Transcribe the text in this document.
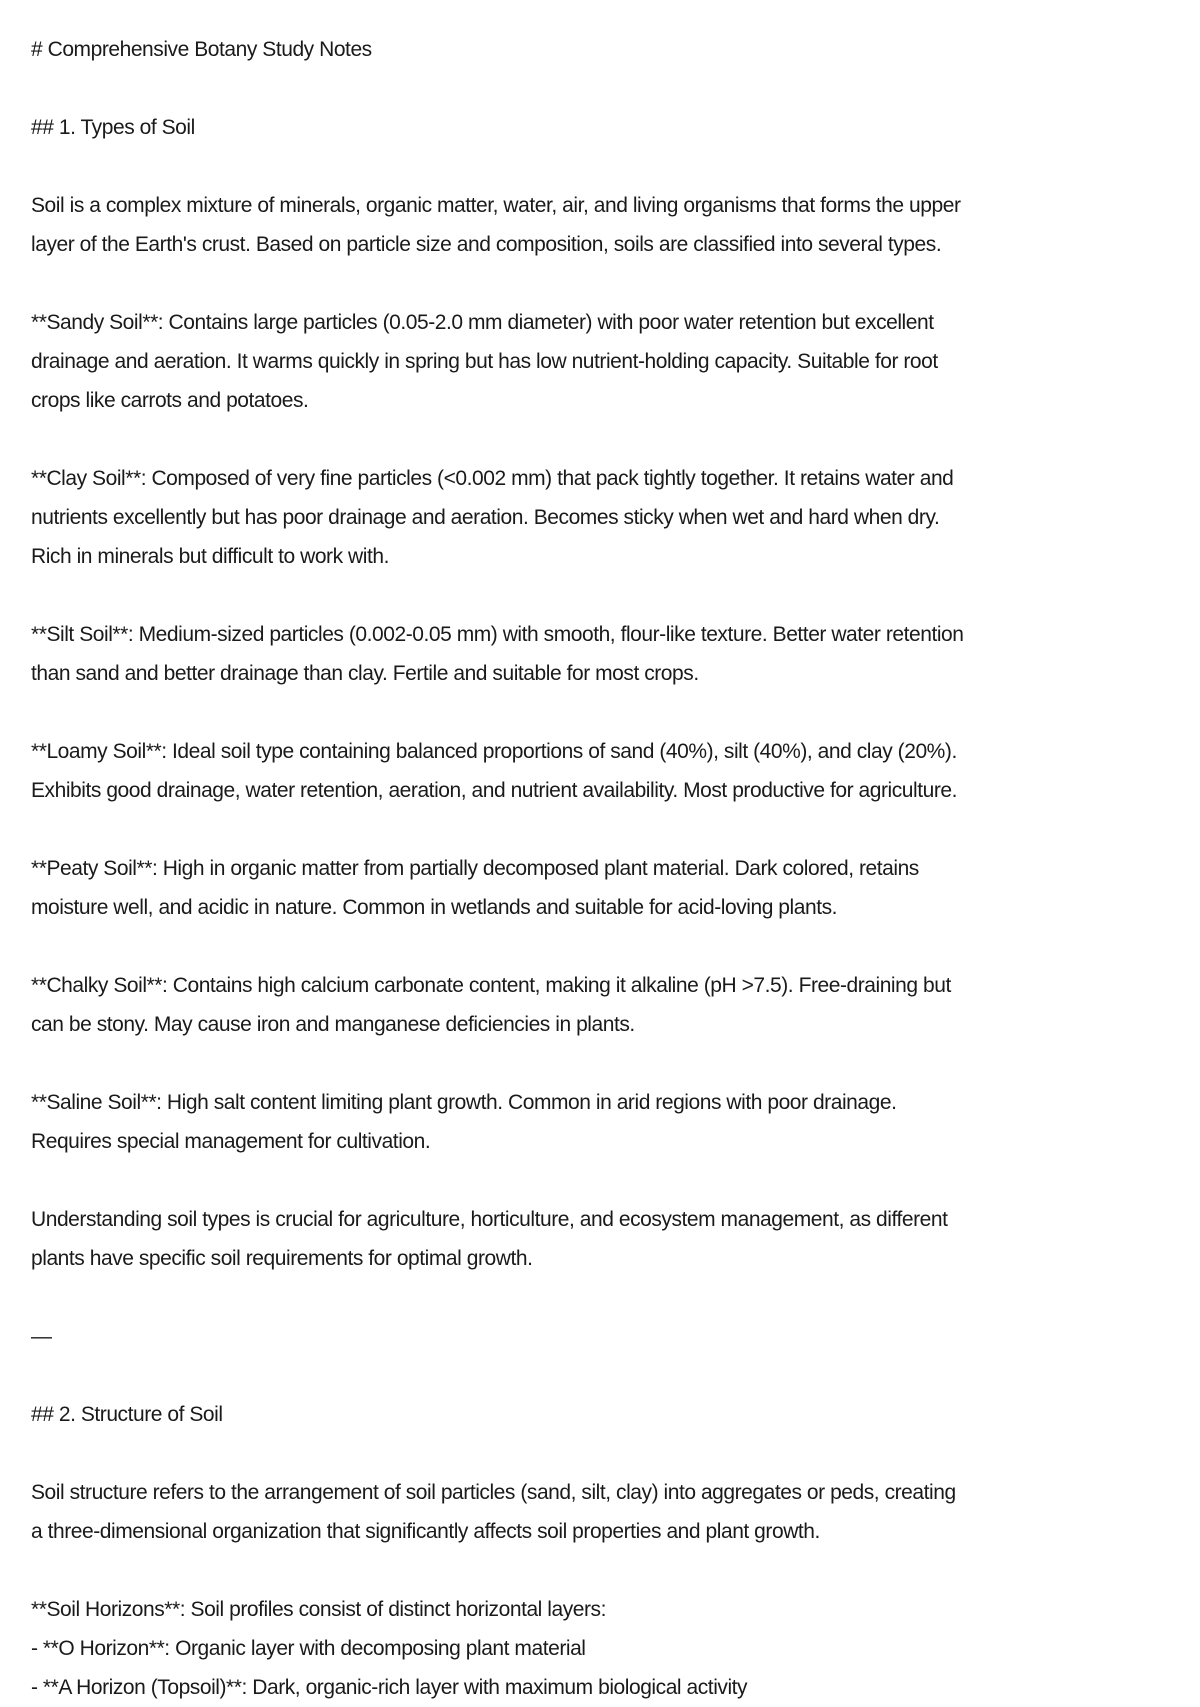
# Comprehensive Botany Study Notes
## 1. Types of Soil
Soil is a complex mixture of minerals, organic matter, water, air, and living organisms that forms the upper
layer of the Earth's crust. Based on particle size and composition, soils are classified into several types.
**Sandy Soil**: Contains large particles (0.05-2.0 mm diameter) with poor water retention but excellent
drainage and aeration. It warms quickly in spring but has low nutrient-holding capacity. Suitable for root
crops like carrots and potatoes.
**Clay Soil**: Composed of very fine particles (<0.002 mm) that pack tightly together. It retains water and
nutrients excellently but has poor drainage and aeration. Becomes sticky when wet and hard when dry.
Rich in minerals but difficult to work with.
**Silt Soil**: Medium-sized particles (0.002-0.05 mm) with smooth, flour-like texture. Better water retention
than sand and better drainage than clay. Fertile and suitable for most crops.
**Loamy Soil**: Ideal soil type containing balanced proportions of sand (40%), silt (40%), and clay (20%).
Exhibits good drainage, water retention, aeration, and nutrient availability. Most productive for agriculture.
**Peaty Soil**: High in organic matter from partially decomposed plant material. Dark colored, retains
moisture well, and acidic in nature. Common in wetlands and suitable for acid-loving plants.
**Chalky Soil**: Contains high calcium carbonate content, making it alkaline (pH >7.5). Free-draining but
can be stony. May cause iron and manganese deficiencies in plants.
**Saline Soil**: High salt content limiting plant growth. Common in arid regions with poor drainage.
Requires special management for cultivation.
Understanding soil types is crucial for agriculture, horticulture, and ecosystem management, as different
plants have specific soil requirements for optimal growth.
—
## 2. Structure of Soil
Soil structure refers to the arrangement of soil particles (sand, silt, clay) into aggregates or peds, creating
a three-dimensional organization that significantly affects soil properties and plant growth.
**Soil Horizons**: Soil profiles consist of distinct horizontal layers:
- **O Horizon**: Organic layer with decomposing plant material
- **A Horizon (Topsoil)**: Dark, organic-rich layer with maximum biological activity
